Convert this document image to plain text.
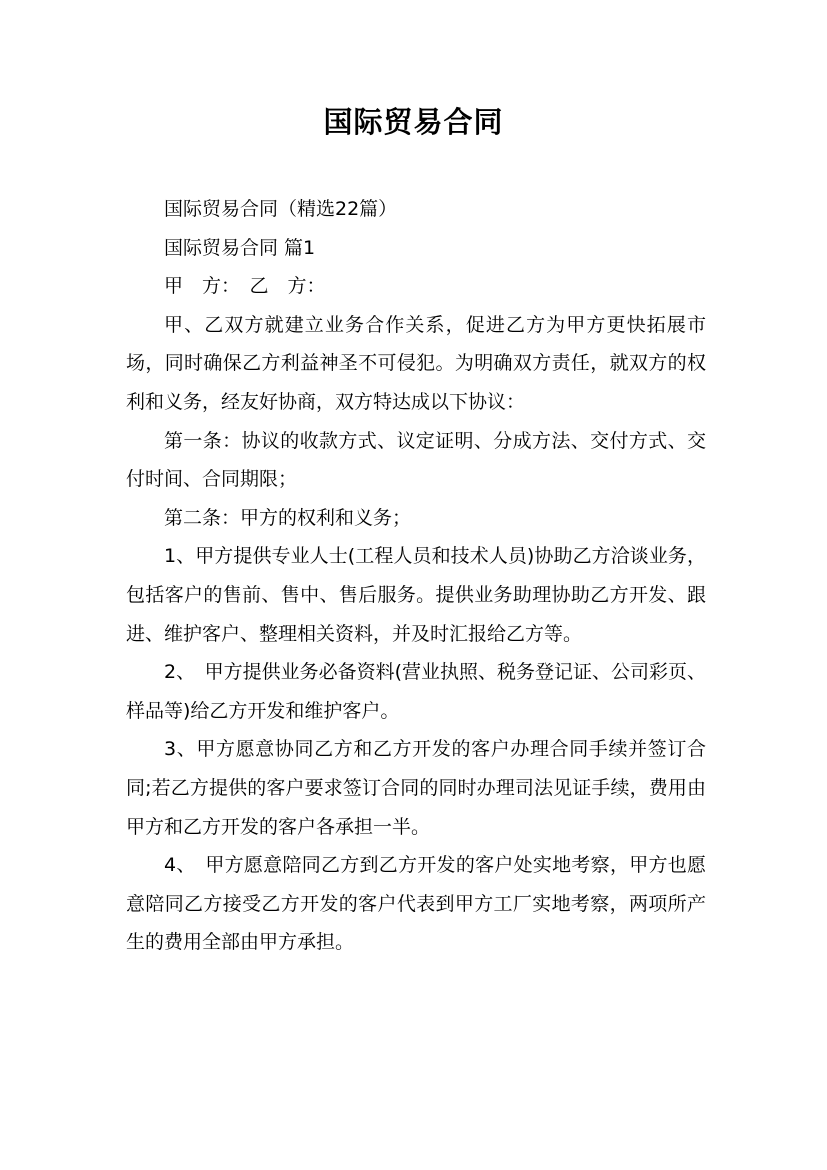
国际贸易合同

国际贸易合同（精选22篇）

国际贸易合同 篇1

甲　方：　乙　方：

甲、乙双方就建立业务合作关系，促进乙方为甲方更快拓展市场，同时确保乙方利益神圣不可侵犯。为明确双方责任，就双方的权利和义务，经友好协商，双方特达成以下协议：

第一条：协议的收款方式、议定证明、分成方法、交付方式、交付时间、合同期限；

第二条：甲方的权利和义务；

1、甲方提供专业人士(工程人员和技术人员)协助乙方洽谈业务，包括客户的售前、售中、售后服务。提供业务助理协助乙方开发、跟进、维护客户、整理相关资料，并及时汇报给乙方等。

2、　甲方提供业务必备资料(营业执照、税务登记证、公司彩页、样品等)给乙方开发和维护客户。

3、甲方愿意协同乙方和乙方开发的客户办理合同手续并签订合同;若乙方提供的客户要求签订合同的同时办理司法见证手续，费用由甲方和乙方开发的客户各承担一半。

4、　甲方愿意陪同乙方到乙方开发的客户处实地考察，甲方也愿意陪同乙方接受乙方开发的客户代表到甲方工厂实地考察，两项所产生的费用全部由甲方承担。
